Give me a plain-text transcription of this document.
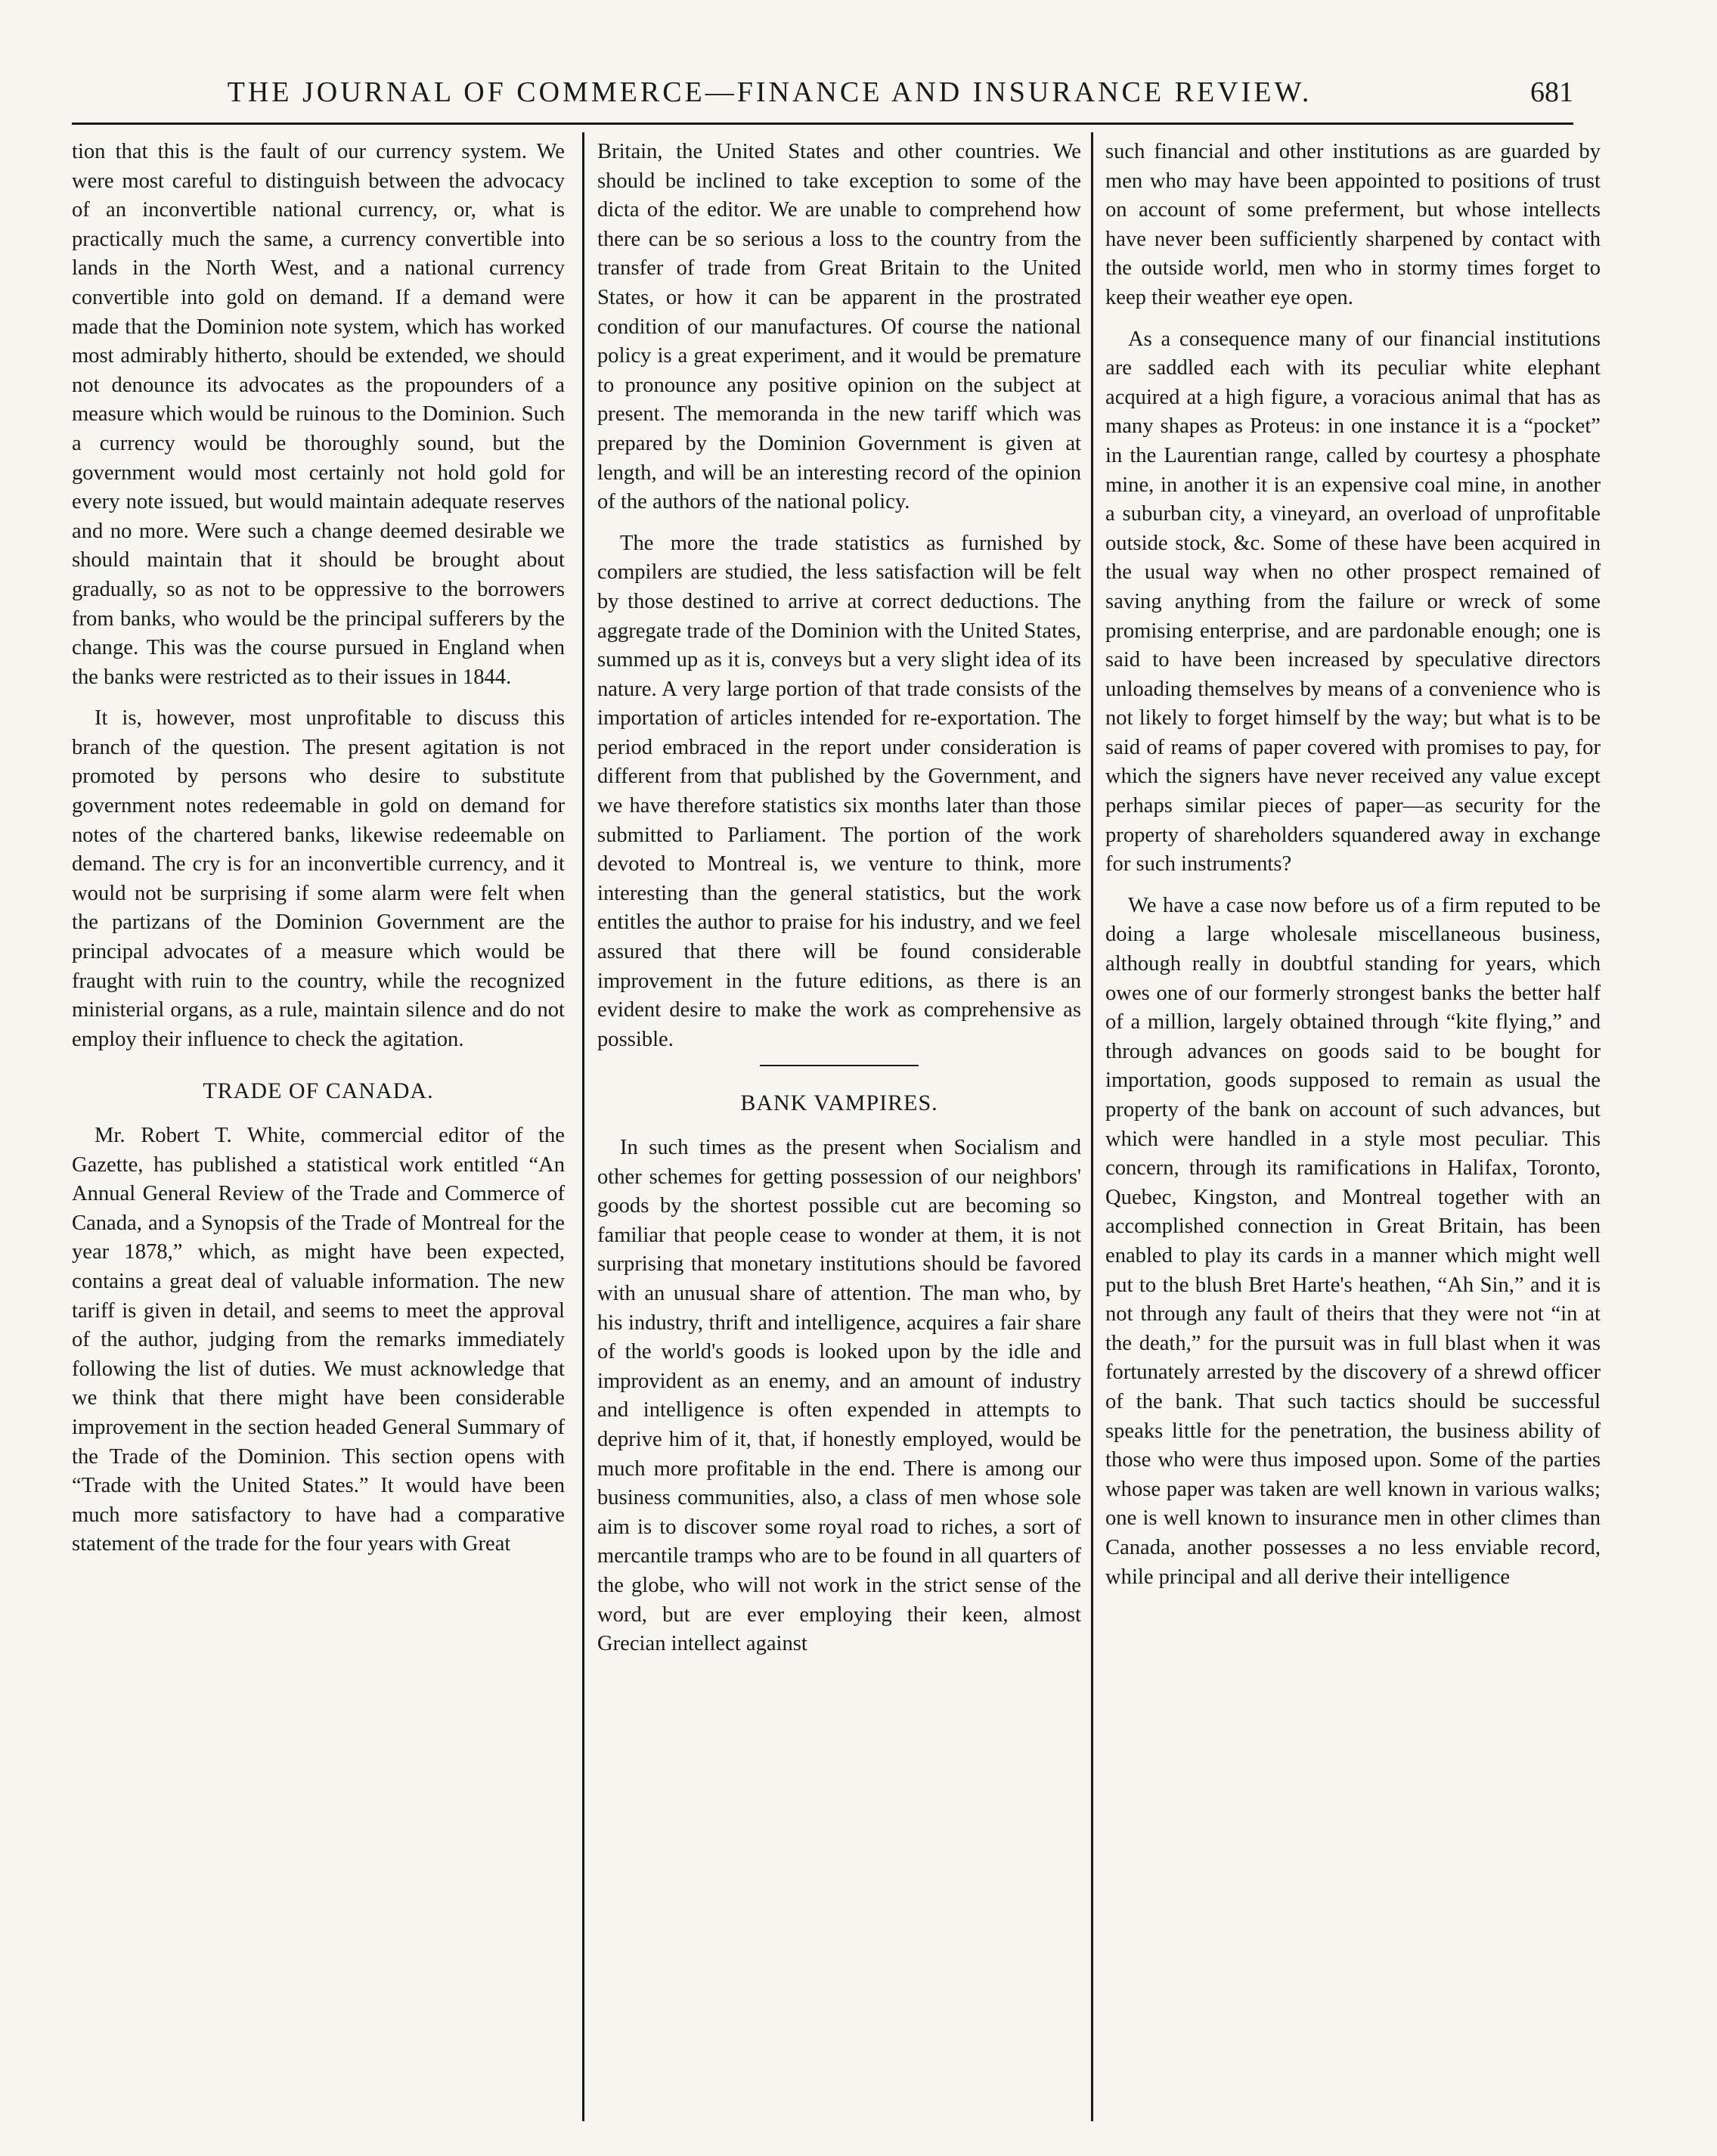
THE JOURNAL OF COMMERCE—FINANCE AND INSURANCE REVIEW.	681

tion that this is the fault of our currency system. We were most careful to distinguish between the advocacy of an inconvertible national currency, or, what is practically much the same, a currency convertible into lands in the North West, and a national currency convertible into gold on demand. If a demand were made that the Dominion note system, which has worked most admirably hitherto, should be extended, we should not denounce its advocates as the propounders of a measure which would be ruinous to the Dominion. Such a currency would be thoroughly sound, but the government would most certainly not hold gold for every note issued, but would maintain adequate reserves and no more. Were such a change deemed desirable we should maintain that it should be brought about gradually, so as not to be oppressive to the borrowers from banks, who would be the principal sufferers by the change. This was the course pursued in England when the banks were restricted as to their issues in 1844.

It is, however, most unprofitable to discuss this branch of the question. The present agitation is not promoted by persons who desire to substitute government notes redeemable in gold on demand for notes of the chartered banks, likewise redeemable on demand. The cry is for an inconvertible currency, and it would not be surprising if some alarm were felt when the partizans of the Dominion Government are the principal advocates of a measure which would be fraught with ruin to the country, while the recognized ministerial organs, as a rule, maintain silence and do not employ their influence to check the agitation.

TRADE OF CANADA.

Mr. Robert T. White, commercial editor of the Gazette, has published a statistical work entitled “An Annual General Review of the Trade and Commerce of Canada, and a Synopsis of the Trade of Montreal for the year 1878,” which, as might have been expected, contains a great deal of valuable information. The new tariff is given in detail, and seems to meet the approval of the author, judging from the remarks immediately following the list of duties. We must acknowledge that we think that there might have been considerable improvement in the section headed General Summary of the Trade of the Dominion. This section opens with “Trade with the United States.” It would have been much more satisfactory to have had a comparative statement of the trade for the four years with Great

Britain, the United States and other countries. We should be inclined to take exception to some of the dicta of the editor. We are unable to comprehend how there can be so serious a loss to the country from the transfer of trade from Great Britain to the United States, or how it can be apparent in the prostrated condition of our manufactures. Of course the national policy is a great experiment, and it would be premature to pronounce any positive opinion on the subject at present. The memoranda in the new tariff which was prepared by the Dominion Government is given at length, and will be an interesting record of the opinion of the authors of the national policy.

The more the trade statistics as furnished by compilers are studied, the less satisfaction will be felt by those destined to arrive at correct deductions. The aggregate trade of the Dominion with the United States, summed up as it is, conveys but a very slight idea of its nature. A very large portion of that trade consists of the importation of articles intended for re-exportation. The period embraced in the report under consideration is different from that published by the Government, and we have therefore statistics six months later than those submitted to Parliament. The portion of the work devoted to Montreal is, we venture to think, more interesting than the general statistics, but the work entitles the author to praise for his industry, and we feel assured that there will be found considerable improvement in the future editions, as there is an evident desire to make the work as comprehensive as possible.

BANK VAMPIRES.

In such times as the present when Socialism and other schemes for getting possession of our neighbors' goods by the shortest possible cut are becoming so familiar that people cease to wonder at them, it is not surprising that monetary institutions should be favored with an unusual share of attention. The man who, by his industry, thrift and intelligence, acquires a fair share of the world's goods is looked upon by the idle and improvident as an enemy, and an amount of industry and intelligence is often expended in attempts to deprive him of it, that, if honestly employed, would be much more profitable in the end. There is among our business communities, also, a class of men whose sole aim is to discover some royal road to riches, a sort of mercantile tramps who are to be found in all quarters of the globe, who will not work in the strict sense of the word, but are ever employing their keen, almost Grecian intellect against

such financial and other institutions as are guarded by men who may have been appointed to positions of trust on account of some preferment, but whose intellects have never been sufficiently sharpened by contact with the outside world, men who in stormy times forget to keep their weather eye open.

As a consequence many of our financial institutions are saddled each with its peculiar white elephant acquired at a high figure, a voracious animal that has as many shapes as Proteus: in one instance it is a “pocket” in the Laurentian range, called by courtesy a phosphate mine, in another it is an expensive coal mine, in another a suburban city, a vineyard, an overload of unprofitable outside stock, &c. Some of these have been acquired in the usual way when no other prospect remained of saving anything from the failure or wreck of some promising enterprise, and are pardonable enough; one is said to have been increased by speculative directors unloading themselves by means of a convenience who is not likely to forget himself by the way; but what is to be said of reams of paper covered with promises to pay, for which the signers have never received any value except perhaps similar pieces of paper—as security for the property of shareholders squandered away in exchange for such instruments?

We have a case now before us of a firm reputed to be doing a large wholesale miscellaneous business, although really in doubtful standing for years, which owes one of our formerly strongest banks the better half of a million, largely obtained through “kite flying,” and through advances on goods said to be bought for importation, goods supposed to remain as usual the property of the bank on account of such advances, but which were handled in a style most peculiar. This concern, through its ramifications in Halifax, Toronto, Quebec, Kingston, and Montreal together with an accomplished connection in Great Britain, has been enabled to play its cards in a manner which might well put to the blush Bret Harte's heathen, “Ah Sin,” and it is not through any fault of theirs that they were not “in at the death,” for the pursuit was in full blast when it was fortunately arrested by the discovery of a shrewd officer of the bank. That such tactics should be successful speaks little for the penetration, the business ability of those who were thus imposed upon. Some of the parties whose paper was taken are well known in various walks; one is well known to insurance men in other climes than Canada, another possesses a no less enviable record, while principal and all derive their intelligence
